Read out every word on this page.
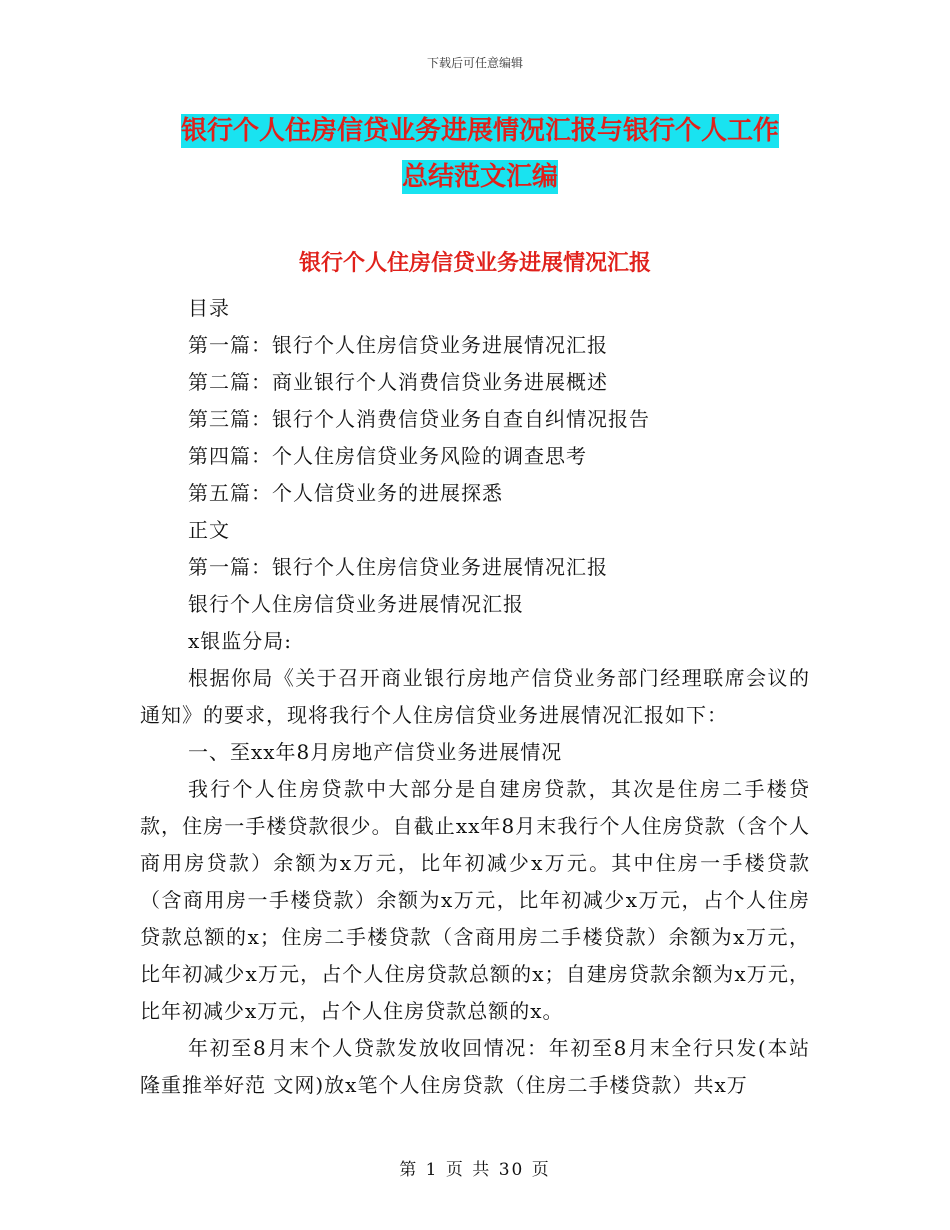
下载后可任意编辑
银行个人住房信贷业务进展情况汇报与银行个人工作
总结范文汇编
银行个人住房信贷业务进展情况汇报

目录

第一篇：银行个人住房信贷业务进展情况汇报

第二篇：商业银行个人消费信贷业务进展概述

第三篇：银行个人消费信贷业务自查自纠情况报告

第四篇：个人住房信贷业务风险的调查思考

第五篇：个人信贷业务的进展探悉

正文

第一篇：银行个人住房信贷业务进展情况汇报

银行个人住房信贷业务进展情况汇报

x银监分局:

根据你局《关于召开商业银行房地产信贷业务部门经理联席会议的通知》的要求，现将我行个人住房信贷业务进展情况汇报如下：

一、至xx年8月房地产信贷业务进展情况

我行个人住房贷款中大部分是自建房贷款，其次是住房二手楼贷款，住房一手楼贷款很少。自截止xx年8月末我行个人住房贷款（含个人商用房贷款）余额为x万元，比年初减少x万元。其中住房一手楼贷款（含商用房一手楼贷款）余额为x万元，比年初减少x万元，占个人住房贷款总额的x；住房二手楼贷款（含商用房二手楼贷款）余额为x万元，比年初减少x万元，占个人住房贷款总额的x；自建房贷款余额为x万元，比年初减少x万元，占个人住房贷款总额的x。

年初至8月末个人贷款发放收回情况：年初至8月末全行只发(本站隆重推举好范 文网)放x笔个人住房贷款（住房二手楼贷款）共x万

第 1 页 共 30 页
